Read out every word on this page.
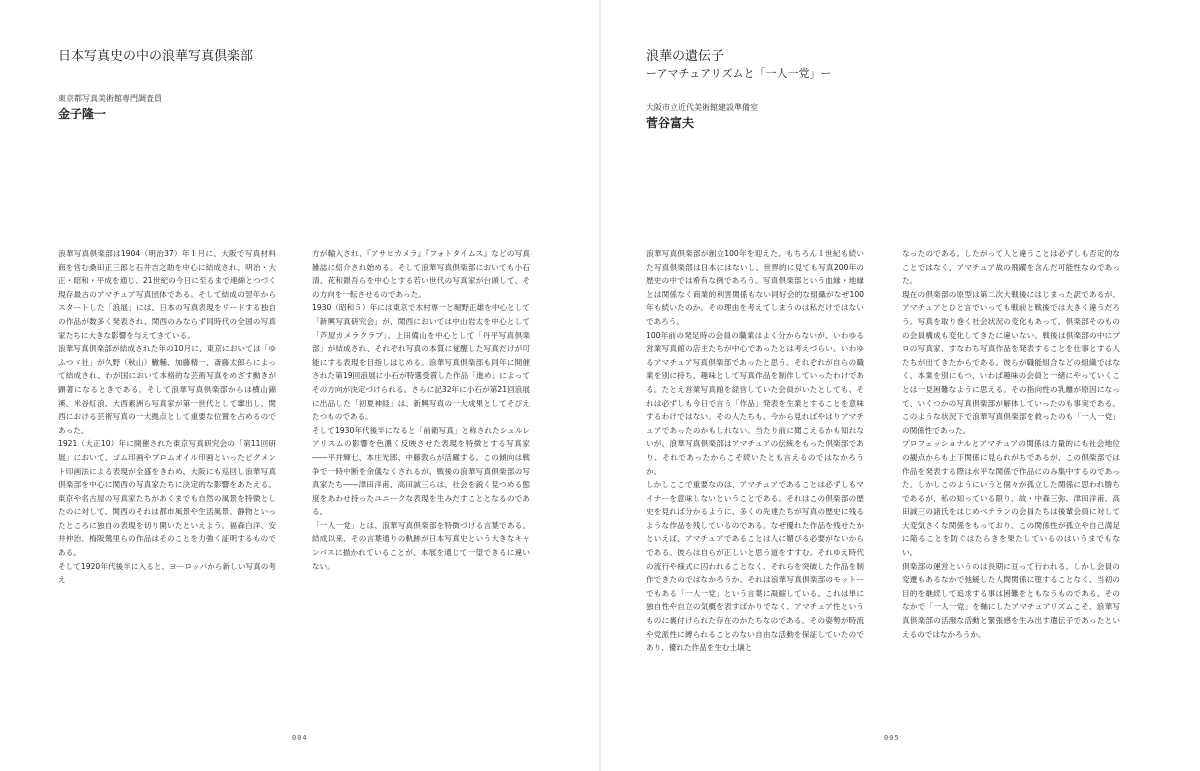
日本写真史の中の浪華写真倶楽部
東京都写真美術館専門調査員
金子隆一

浪華写真倶楽部は1904（明治37）年１月に、大阪で写真材料商を営む桑田正三郎と石井吉之助を中心に結成され、明治・大正・昭和・平成を通じ、21世紀の今日に至るまで連綿とつづく現存最古のアマチュア写真団体である。そして結成の翌年からスタートした「浪展」には、日本の写真表現をリードする独自の作品が数多く発表され、関西のみならず同時代の全国の写真家たちに大きな影響を与えてきている。

浪華写真倶楽部が結成された年の10月に、東京においては「ゆふつゞ社」が久野（秋山）轍輔、加藤精一、斎藤太郎らによって結成され、わが国において本格的な芸術写真をめざす動きが顕著になるときである。そして浪華写真倶楽部からは横山錦溪、米谷紅浪、大西素洲ら写真家が第一世代として輩出し、関西における芸術写真の一大拠点として重要な位置を占めるのであった。

1921（大正10）年に開催された東京写真研究会の「第11回研展」において、ゴム印画やブロムオイル印画といったピグメント印画法による表現が全盛をきわめ、大阪にも巡回し浪華写真倶楽部を中心に関西の写真家たちに決定的な影響をあたえる。東京や名古屋の写真家たちがあくまでも自然の風景を特徴としたのに対して、関西のそれは都市風景や生活風景、静物といったところに独自の表現を切り開いたといえよう。福森白洋、安井仲治、梅阪鶯里らの作品はそのことを力強く証明するものである。

そして1920年代後半に入ると、ヨーロッパから新しい写真の考え

方が輸入され、『アサヒカメラ』『フォトタイムス』などの写真雑誌に紹介され始める。そして浪華写真倶楽部においても小石清、花和銀吾らを中心とする若い世代の写真家が台頭して、その方向を一転させるのであった。

1930（昭和５）年には東京で木村専一と堀野正雄を中心として「新興写真研究会」が、関西においては中山岩太を中心として「芦屋カメラクラブ」、上田備山を中心として「丹平写真倶楽部」が結成され、それぞれ写真の本質に覚醒した写真だけが可能にする表現を目指しはじめる。浪華写真倶楽部も同年に開催された第19回浪展に小石が特選受賞した作品「進め」によってその方向が決定づけられる。さらに記32年に小石が第21回浪展に出品した「初夏神経」は、新興写真の一大成果としてそびえたつものである。

そして1930年代後半になると「前衛写真」と称されたシュルレアリスムの影響を色濃く反映させた表現を特徴とする写真家――平井輝七、本庄光郎、中藤敦らが活躍する。この傾向は戦争で一時中断を余儀なくされるが、戦後の浪華写真倶楽部の写真家たち――津田洋甫、高田誠三らは、社会を鋭く見つめる態度をあわせ持ったユニークな表現を生みだすこととなるのである。

「一人一党」とは、浪華写真倶楽部を特徴づける言葉である。結成以来、その言葉通りの軌跡が日本写真史という大きなキャンバスに描かれていることが、本展を通じて一望できるに違いない。

004
浪華の遺伝子
ーアマチュアリズムと「一人一党」ー
大阪市立近代美術館建設準備室
菅谷富夫

浪華写真倶楽部が創立100年を迎えた。もちろん１世紀も続いた写真倶楽部は日本にはないし、世界的に見ても写真200年の歴史の中では希有な例であろう。写真倶楽部という血縁・地縁とは関係なく商業的利害関係もない同好会的な組織がなぜ100年も続いたのか、その理由を考えてしまうのは私だけではないであろう。

100年前の発足時の会員の職業はよく分からないが、いわゆる営業写真館の店主たちが中心であったとは考えづらい。いわゆるアマチュア写真倶楽部であったと思う。それぞれが自らの職業を別に持ち、趣味として写真作品を制作していったわけである。たとえ営業写真館を経営していた会員がいたとしても、それは必ずしも今日で言う「作品」発表を生業とすることを意味するわけではない。その人たちも、今から見ればやはりアマチュアであったのかもしれない。当たり前に聞こえるかも知れないが、浪華写真倶楽部はアマチュアの伝統をもった倶楽部であり、それであったからこそ続いたとも言えるのではなかろうか。

しかしここで重要なのは、アマチュアであることは必ずしもマイナーを意味しないということである。それはこの倶楽部の歴史を見れば分かるように、多くの先達たちが写真の歴史に残るような作品を残しているのである。なぜ優れた作品を残せたかといえば、アマチュアであることは人に媚びる必要がないからである。彼らは自らが正しいと思う道をすすむ。それゆえ時代の流行や様式に囚われることなく、それらを突破した作品を制作できたのではなかろうか。それは浪華写真倶楽部のモットーでもある「一人一党」という言葉に凝縮している。これは単に独自性や自立の気概を表すばかりでなく、アマチュア性というものに裏付けられた存在のかたちなのである。その姿勢が時流や党派性に縛られることのない自由な活動を保証していたのであり、優れた作品を生む土壌と

なったのである。したがって人と違うことは必ずしも否定的なことではなく、アマチュア故の飛躍を含んだ可能性なのであった。

現在の倶楽部の原型は第二次大戦後にはじまった訳であるが、アマチュアとひと言でいっても戦前と戦後では大きく違うだろう。写真を取り巻く社会状況の変化もあって、倶楽部そのものの会員構成も変化してきたに違いない。戦後は倶楽部の中にプロの写真家、すなわち写真作品を発表することを仕事とする人たちが出てきたからである。彼らが職能組合などの組織ではなく、本業を別にもつ、いわば趣味の会員と一緒にやっていくことは一見困難なように思える。その指向性の乳離が原因になって、いくつかの写真倶楽部が解体していったのも事実である。このような状況下で浪華写真倶楽部を救ったのも「一人一党」の関係性であった。

プロフェッショナルとアマチュアの関係は力量的にも社会地位の観点からも上下関係に見られがちであるが、この倶楽部では作品を発表する際は水平な関係で作品にのみ集中するのであった。しかしこのようにいうと個々が孤立した関係に思われ勝ちであるが、私の知っている限り、故・中森三弥、津田洋甫、高田誠三の諸氏をはじめベテランの会員たちは後輩会員に対して大変気さくな関係をもっており、この関係性が孤立や自己満足に陥ることを防ぐはたらきを果たしているのはいうまでもない。

倶楽部の運営というのは長期に亘って行われる。しかし会員の変遷もあるなかで弛緩した人間関係に堕することなく、当初の目的を継続して追求する事は困難をともなうものである。そのなかで「一人一党」を軸にしたアマチュアリズムこそ、浪華写真倶楽部の活潑な活動と緊張感を生み出す遺伝子であったといえるのではなかろうか。

005
